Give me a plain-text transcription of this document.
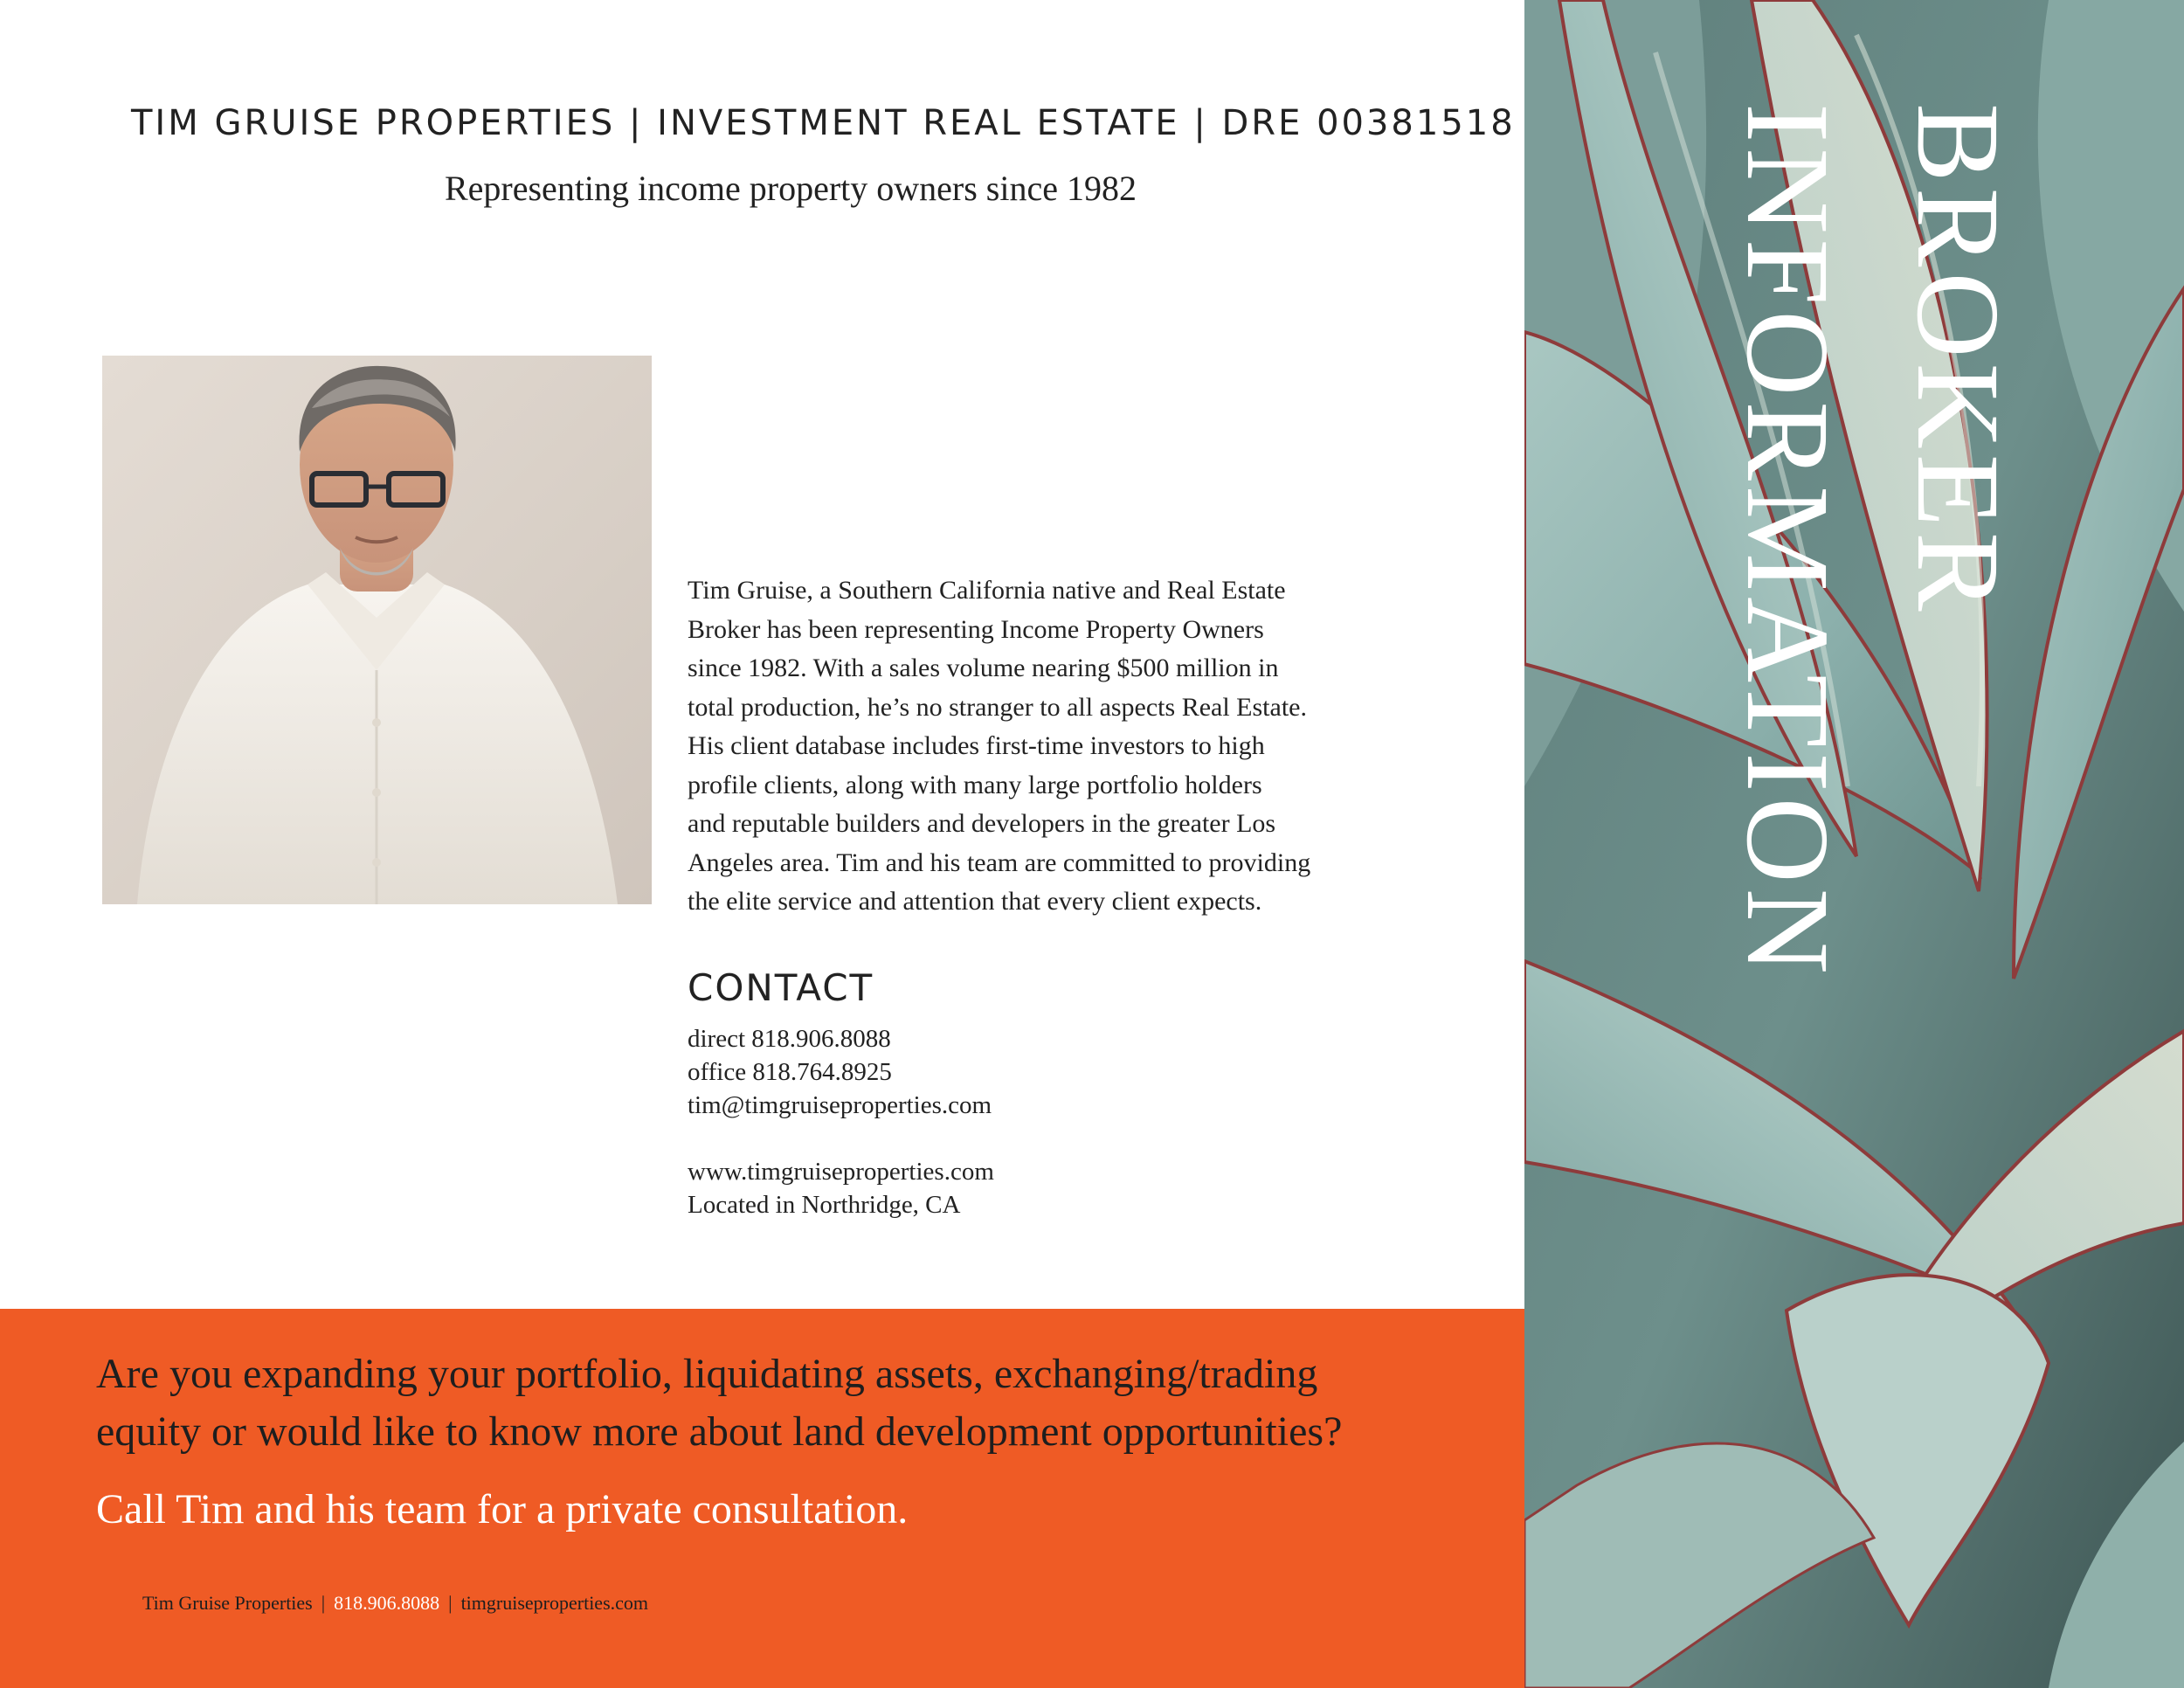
TIM GRUISE PROPERTIES | INVESTMENT REAL ESTATE | DRE 00381518
Representing income property owners since 1982
Tim Gruise, a Southern California native and Real Estate
Broker has been representing Income Property Owners
since 1982. With a sales volume nearing $500 million in
total production, he’s no stranger to all aspects Real Estate.
His client database includes first-time investors to high
profile clients, along with many large portfolio holders
and reputable builders and developers in the greater Los
Angeles area. Tim and his team are committed to providing
the elite service and attention that every client expects.
CONTACT
direct 818.906.8088
office 818.764.8925
tim@timgruiseproperties.com
www.timgruiseproperties.com
Located in Northridge, CA
Are you expanding your portfolio, liquidating assets, exchanging/trading
equity or would like to know more about land development opportunities?
Call Tim and his team for a private consultation.
Tim Gruise Properties | 818.906.8088 | timgruiseproperties.com
BROKER
INFORMATION
